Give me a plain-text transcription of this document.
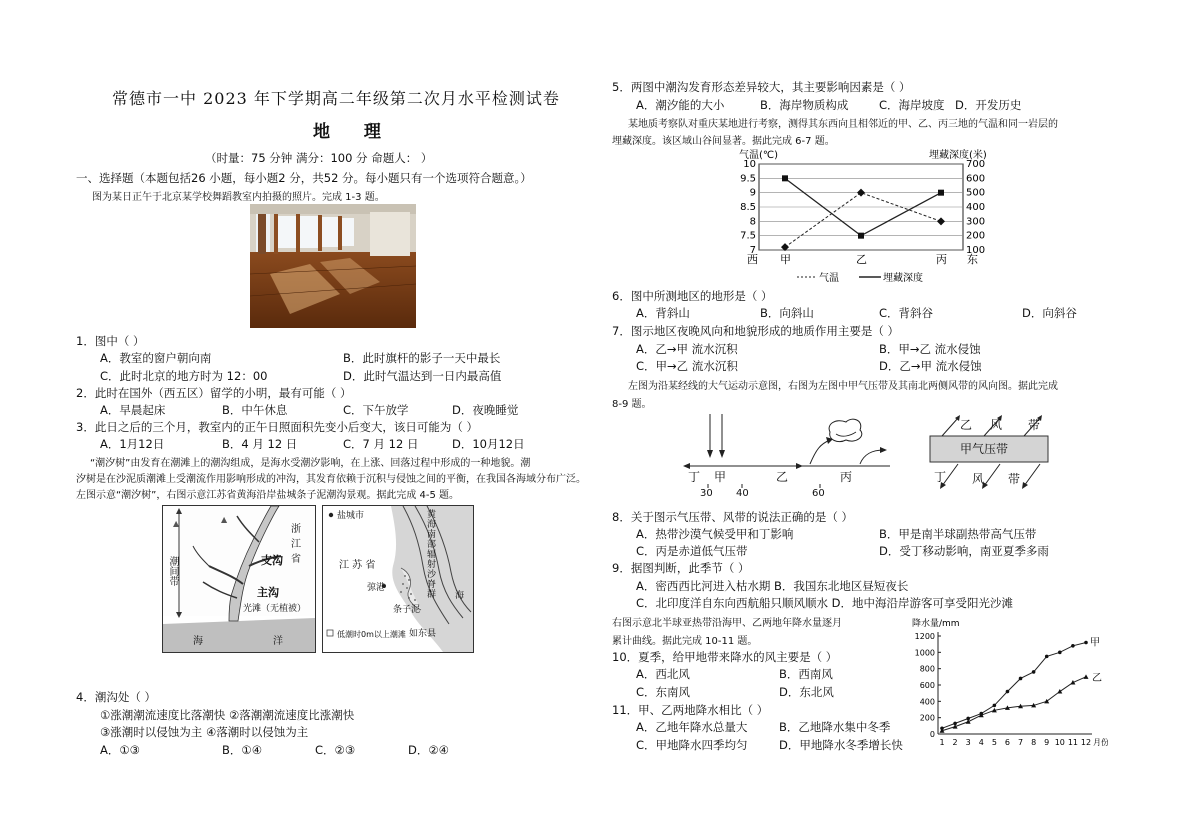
常德市一中 2023 年下学期高二年级第二次月水平检测试卷
地 理
（时量：75 分钟 满分：100 分 命题人： ）
一、选择题（本题包括26 小题，每小题2 分，共52 分。每小题只有一个选项符合题意。）
图为某日正午于北京某学校舞蹈教室内拍摄的照片。完成 1-3 题。
1．图中（ ）
A．教室的窗户朝向南	B．此时旗杆的影子一天中最长
C．此时北京的地方时为 12：00	D．此时气温达到一日内最高值
2．此时在国外（西五区）留学的小明，最有可能（ ）
A．早晨起床	B．中午休息	C．下午放学	D．夜晚睡觉
3．此日之后的三个月，教室内的正午日照面积先变小后变大，该日可能为（ ）
A．1月12日	B．4 月 12 日	C．7 月 12 日	D．10月12日
“潮汐树”由发育在潮滩上的潮沟组成，是海水受潮汐影响，在上涨、回落过程中形成的一种地貌。潮
汐树是在沙泥质潮滩上受潮流作用影响形成的冲沟，其发育依赖于沉积与侵蚀之间的平衡，在我国各海域分布广泛。
左图示意“潮汐树”，右图示意江苏省黄海沿岸盐城条子泥潮沟景观。据此完成 4-5 题。
▲	▲
潮间带	支沟
主沟
光滩（无植被）
浙
江
省
海	洋
盐城市
江 苏 省
弶港
条子泥
如东县
海
低潮时0m以上潮滩
黄海南部辐射沙脊群
4．潮沟处（ ）
①涨潮潮流速度比落潮快 ②落潮潮流速度比涨潮快
③涨潮时以侵蚀为主 ④落潮时以侵蚀为主
A．①③	B．①④	C．②③	D．②④
5．两图中潮沟发育形态差异较大，其主要影响因素是（ ）
A．潮汐能的大小	B．海岸物质构成	C．海岸坡度 D．开发历史
某地质考察队对重庆某地进行考察，测得其东西向且相邻近的甲、乙、丙三地的气温和同一岩层的
埋藏深度。该区域山谷间显著。据此完成 6-7 题。
10	700
9.5	600
9	500
8.5	400
8	300
7.5	200
7	100
气温(℃)	埋藏深度(米)
甲	乙	丙
西	东
气温	埋藏深度
6．图中所测地区的地形是（ ）
A．背斜山	B．向斜山	C．背斜谷	D．向斜谷
7．图示地区夜晚风向和地貌形成的地质作用主要是（ ）
A．乙→甲 流水沉积	B．甲→乙 流水侵蚀
C．甲→乙 流水沉积	D．乙→甲 流水侵蚀
左图为沿某经线的大气运动示意图，右图为左图中甲气压带及其南北两侧风带的风向图。据此完成
8-9 题。
丁 甲	乙	丙
30 40	60
甲气压带
乙 风 带
丁 风 带
8．关于图示气压带、风带的说法正确的是（ ）
A．热带沙漠气候受甲和丁影响	B．甲是南半球副热带高气压带
C．丙是赤道低气压带	D．受丁移动影响，南亚夏季多雨
9．据图判断，此季节（ ）
A．密西西比河进入枯水期 B．我国东北地区昼短夜长
C．北印度洋自东向西航船只顺风顺水 D．地中海沿岸游客可享受阳光沙滩
右图示意北半球亚热带沿海甲、乙两地年降水量逐月
累计曲线。据此完成 10-11 题。
10．夏季，给甲地带来降水的风主要是（ ）
A．西北风	B．西南风
C．东南风	D．东北风
11．甲、乙两地降水相比（ ）
A．乙地年降水总量大	B．乙地降水集中冬季
C．甲地降水四季均匀	D．甲地降水冬季增长快
降水量/mm
1200
1000
800
600
400
200
0
1 2 3 4 5 6 7 8 9 10 11 12 月份
甲
乙
